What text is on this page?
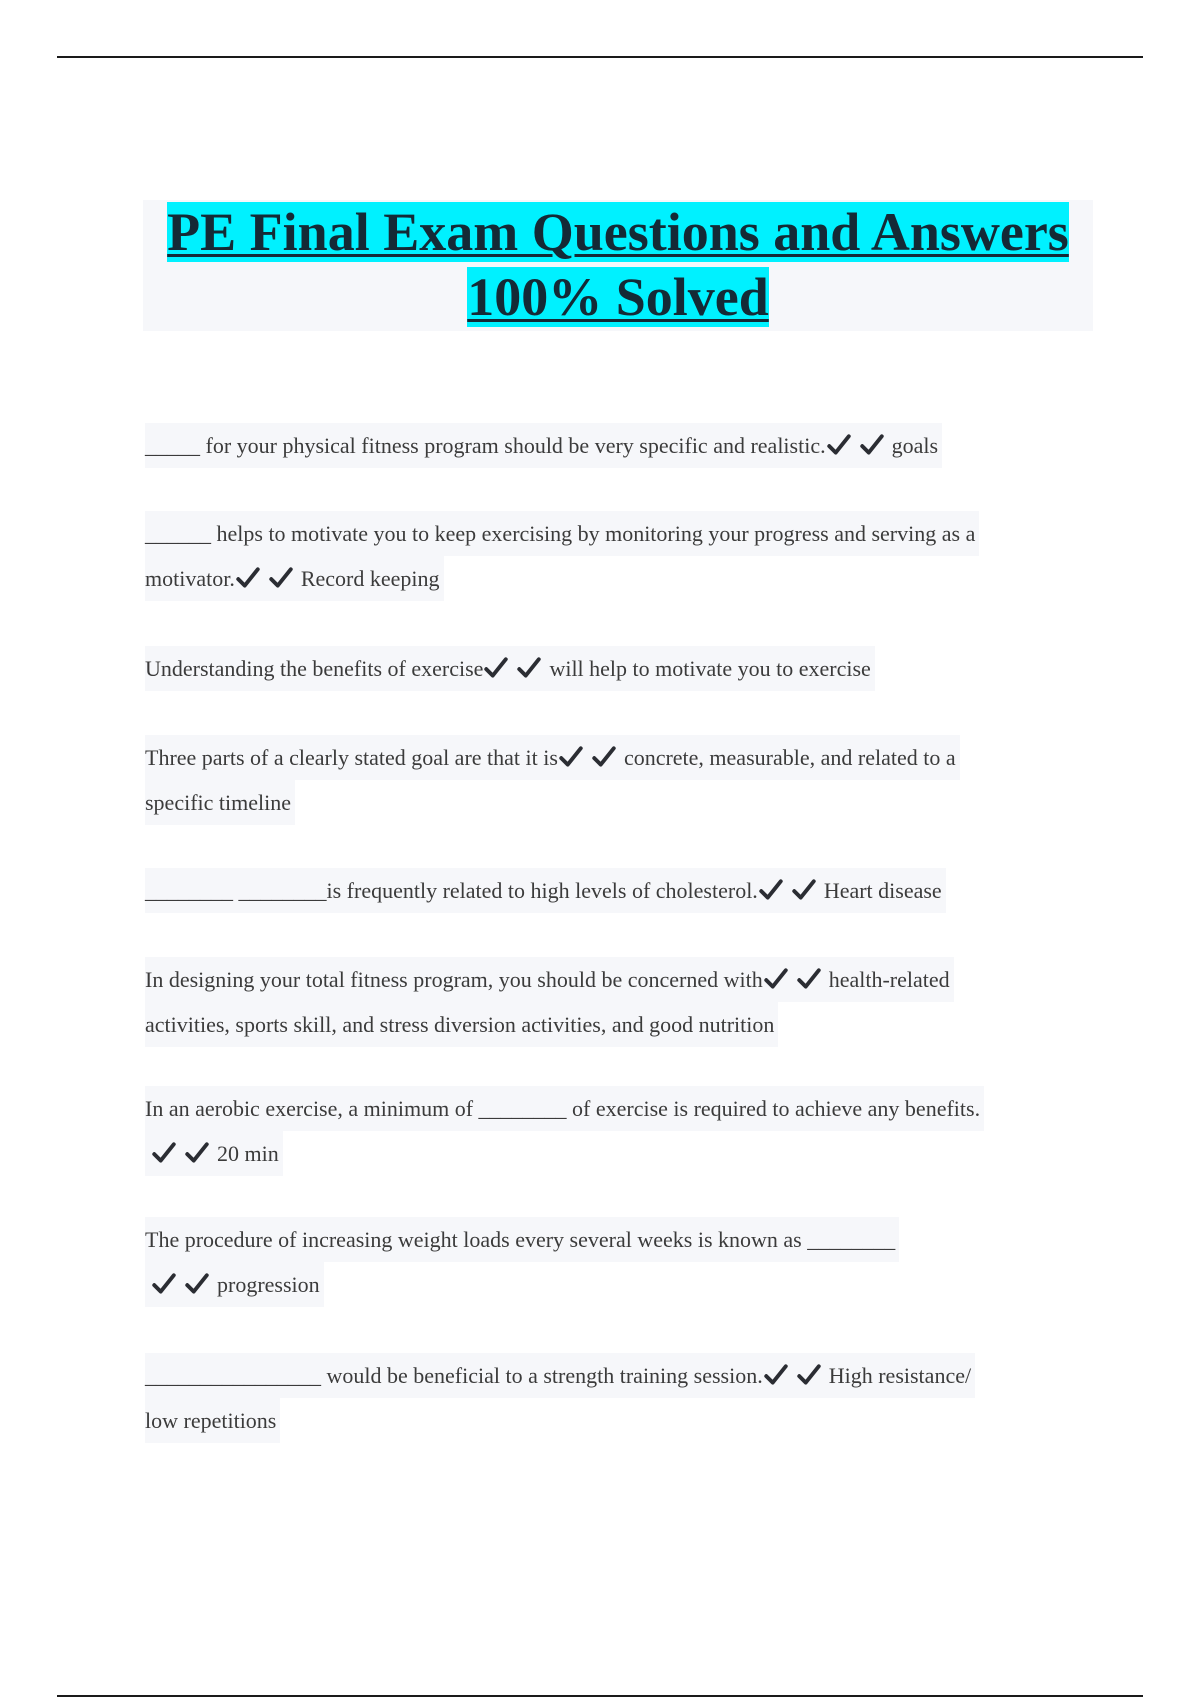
PE Final Exam Questions and Answers
100% Solved
_____ for your physical fitness program should be very specific and realistic.	goals
______ helps to motivate you to keep exercising by monitoring your progress and serving as a
motivator.	Record keeping
Understanding the benefits of exercise	will help to motivate you to exercise
Three parts of a clearly stated goal are that it is	concrete, measurable, and related to a
specific timeline
________ ________is frequently related to high levels of cholesterol.	Heart disease
In designing your total fitness program, you should be concerned with	health-related
activities, sports skill, and stress diversion activities, and good nutrition
In an aerobic exercise, a minimum of ________ of exercise is required to achieve any benefits.

20 min
The procedure of increasing weight loads every several weeks is known as ________

progression
________________ would be beneficial to a strength training session.	High resistance/
low repetitions
